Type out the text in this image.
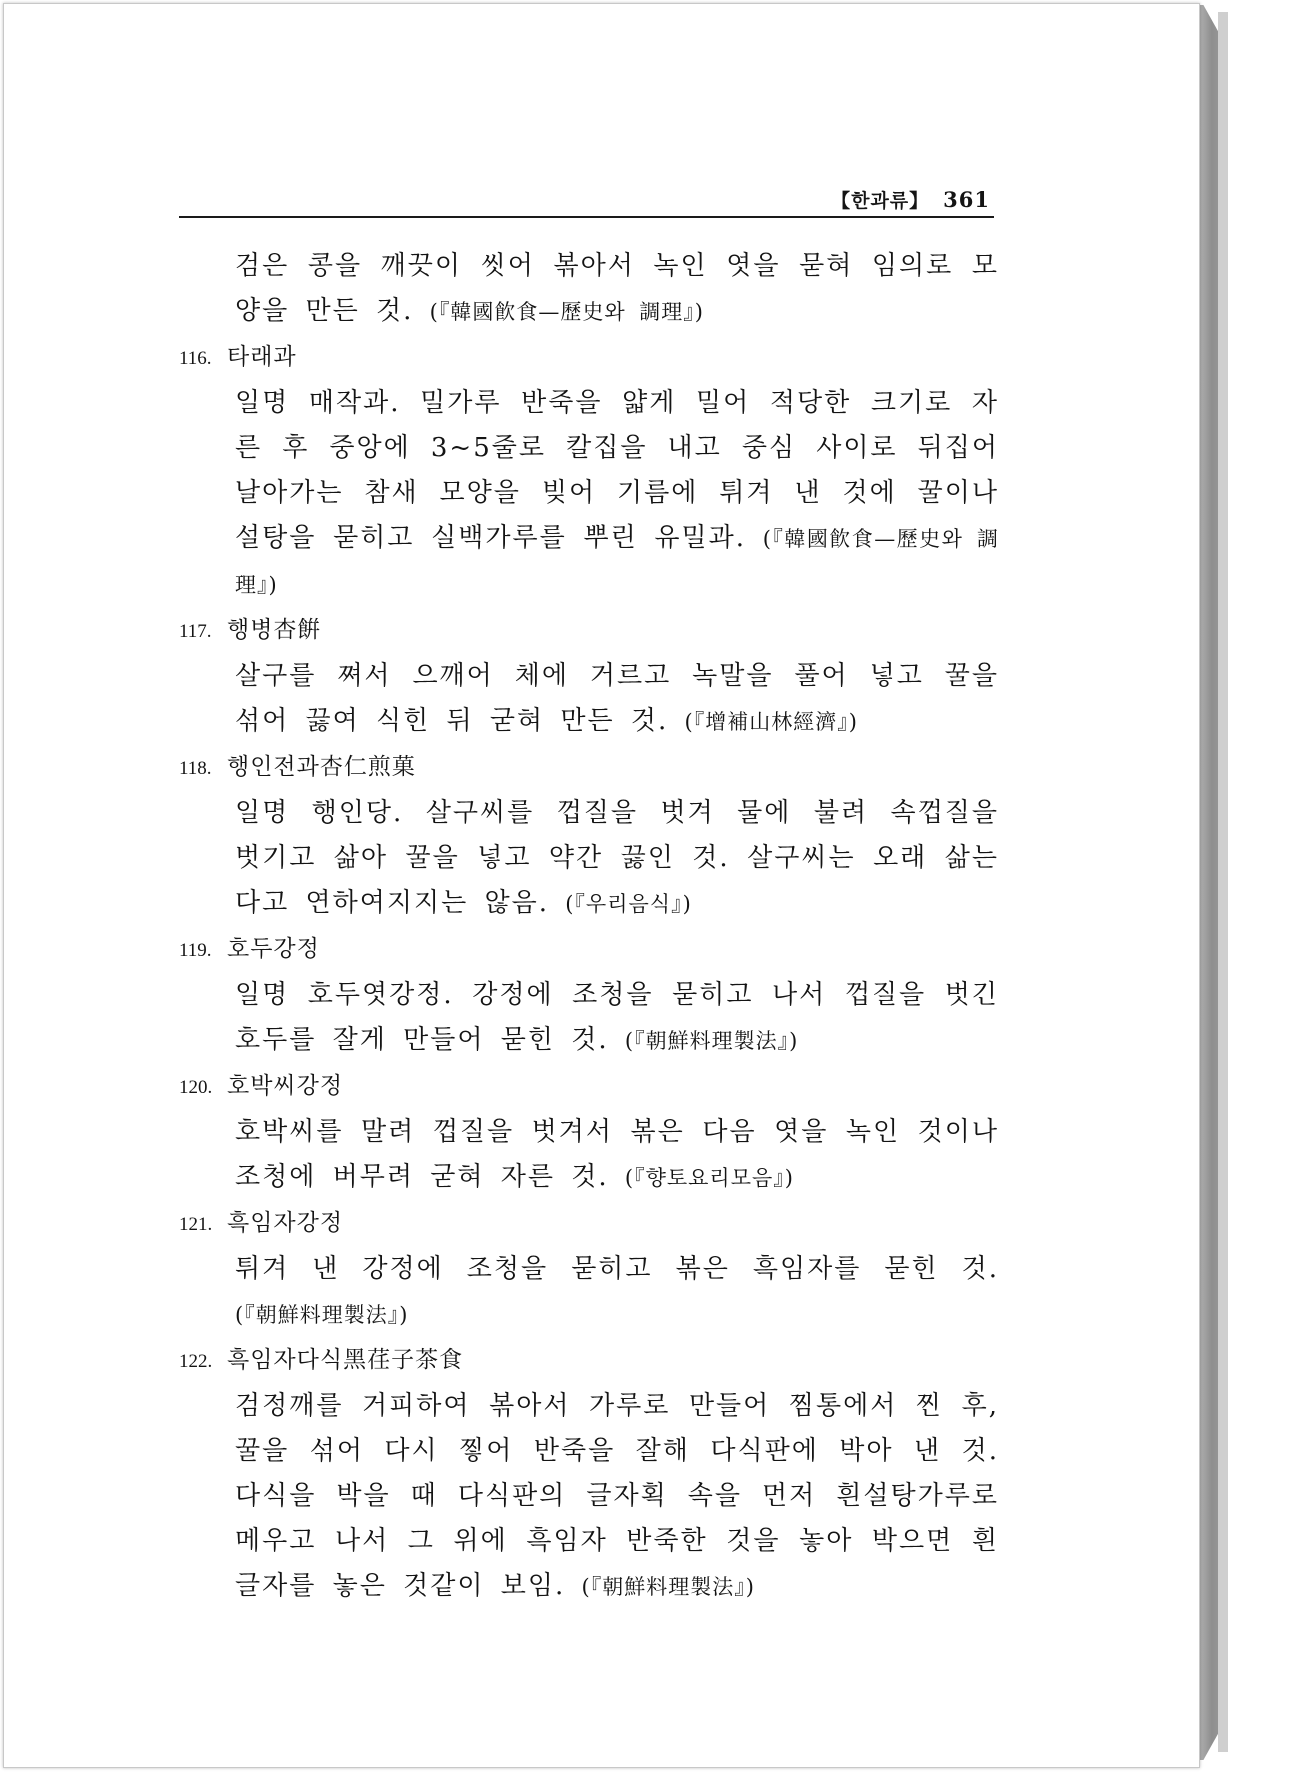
【한과류】 361
검은 콩을 깨끗이 씻어 볶아서 녹인 엿을 묻혀 임의로 모양을 만든 것. (『韓國飮食—歷史와 調理』)
116. 타래과
일명 매작과. 밀가루 반죽을 얇게 밀어 적당한 크기로 자른 후 중앙에 3~5줄로 칼집을 내고 중심 사이로 뒤집어 날아가는 참새 모양을 빚어 기름에 튀겨 낸 것에 꿀이나 설탕을 묻히고 실백가루를 뿌린 유밀과. (『韓國飮食—歷史와 調理』)
117. 행병杏餠
살구를 쪄서 으깨어 체에 거르고 녹말을 풀어 넣고 꿀을 섞어 끓여 식힌 뒤 굳혀 만든 것. (『增補山林經濟』)
118. 행인전과杏仁煎菓
일명 행인당. 살구씨를 껍질을 벗겨 물에 불려 속껍질을 벗기고 삶아 꿀을 넣고 약간 끓인 것. 살구씨는 오래 삶는다고 연하여지지는 않음. (『우리음식』)
119. 호두강정
일명 호두엿강정. 강정에 조청을 묻히고 나서 껍질을 벗긴 호두를 잘게 만들어 묻힌 것. (『朝鮮料理製法』)
120. 호박씨강정
호박씨를 말려 껍질을 벗겨서 볶은 다음 엿을 녹인 것이나 조청에 버무려 굳혀 자른 것. (『향토요리모음』)
121. 흑임자강정
튀겨 낸 강정에 조청을 묻히고 볶은 흑임자를 묻힌 것. (『朝鮮料理製法』)
122. 흑임자다식黑荏子茶食
검정깨를 거피하여 볶아서 가루로 만들어 찜통에서 찐 후, 꿀을 섞어 다시 찧어 반죽을 잘해 다식판에 박아 낸 것. 다식을 박을 때 다식판의 글자획 속을 먼저 흰설탕가루로 메우고 나서 그 위에 흑임자 반죽한 것을 놓아 박으면 흰 글자를 놓은 것같이 보임. (『朝鮮料理製法』)
